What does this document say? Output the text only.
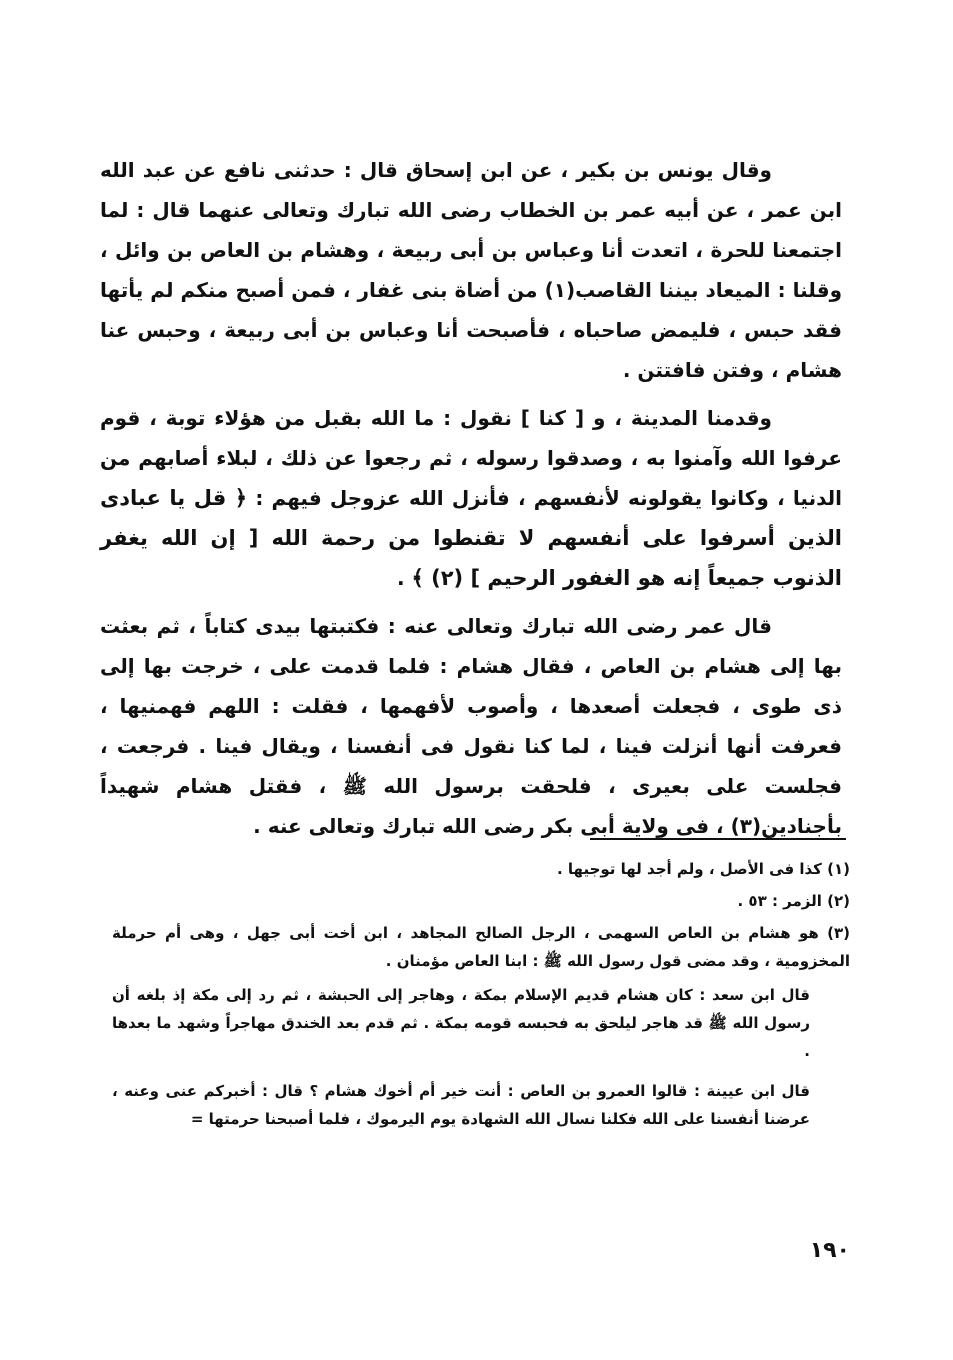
وقال يونس بن بكير ، عن ابن إسحاق قال : حدثنى نافع عن عبد الله ابن عمر ، عن أبيه عمر بن الخطاب رضى الله تبارك وتعالى عنهما قال : لما اجتمعنا للحرة ، اتعدت أنا وعباس بن أبى ربيعة ، وهشام بن العاص بن وائل ، وقلنا : الميعاد بيننا القاصب(١) من أضاة بنى غفار ، فمن أصبح منكم لم يأتها فقد حبس ، فليمض صاحباه ، فأصبحت أنا وعباس بن أبى ربيعة ، وحبس عنا هشام ، وفتن فافتتن .

وقدمنا المدينة ، و [ كنا ] نقول : ما الله بقبل من هؤلاء توبة ، قوم عرفوا الله وآمنوا به ، وصدقوا رسوله ، ثم رجعوا عن ذلك ، لبلاء أصابهم من الدنيا ، وكانوا يقولونه لأنفسهم ، فأنزل الله عزوجل فيهم : ﴿ قل يا عبادى الذين أسرفوا على أنفسهم لا تقنطوا من رحمة الله [ إن الله يغفر الذنوب جميعاً إنه هو الغفور الرحيم ] (٢) ﴾ .

قال عمر رضى الله تبارك وتعالى عنه : فكتبتها بيدى كتاباً ، ثم بعثت بها إلى هشام بن العاص ، فقال هشام : فلما قدمت على ، خرجت بها إلى ذى طوى ، فجعلت أصعدها ، وأصوب لأفهمها ، فقلت : اللهم فهمنيها ، فعرفت أنها أنزلت فينا ، لما كنا نقول فى أنفسنا ، ويقال فينا . فرجعت ، فجلست على بعيرى ، فلحقت برسول الله ﷺ ، فقتل هشام شهيداً بأجنادين(٣) ، فى ولاية أبى بكر رضى الله تبارك وتعالى عنه .

(١) كذا فى الأصل ، ولم أجد لها توجيها .

(٢) الزمر : ٥٣ .

(٣) هو هشام بن العاص السهمى ، الرجل الصالح المجاهد ، ابن أخت أبى جهل ، وهى أم حرملة المخزومية ، وقد مضى قول رسول الله ﷺ : ابنا العاص مؤمنان .

قال ابن سعد : كان هشام قديم الإسلام بمكة ، وهاجر إلى الحبشة ، ثم رد إلى مكة إذ بلغه أن رسول الله ﷺ قد هاجر ليلحق به فحبسه قومه بمكة . ثم قدم بعد الخندق مهاجراً وشهد ما بعدها .

قال ابن عيينة : قالوا العمرو بن العاص : أنت خير أم أخوك هشام ؟ قال : أخبركم عنى وعنه ، عرضنا أنفسنا على الله فكلنا نسال الله الشهادة يوم اليرموك ، فلما أصبحنا حرمتها =

١٩٠
